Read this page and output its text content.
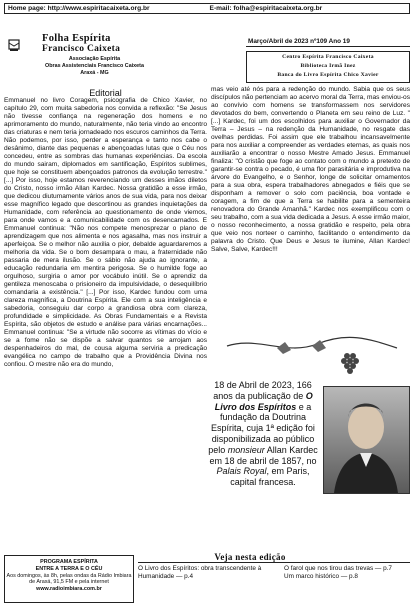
Home page: http://www.espiritacaixeta.org.br	E-mail: folha@espiritacaixeta.org.br
Folha Espírita
Francisco Caixeta
Associação Espírita
Obras Assistenciais Francisco Caixeta
Araxá - MG
Março/Abril de 2023 nº109 Ano 19
Centro Espírita Francisco Caixeta
Biblioteca Irmã Inez
Banca do Livro Espírita Chico Xavier
Editorial
Emmanuel no livro Coragem, psicografia de Chico Xavier, no capítulo 29, com muita sabedoria nos convida a reflexão: "Se Jesus não tivesse confiança na regeneração dos homens e no aprimoramento do mundo, naturalmente, não teria vindo ao encontro das criaturas e nem teria jornadeado nos escuros caminhos da Terra. Não podemos, por isso, perder a esperança e tanto nos cabe o desânimo, diante das pequenas e abençoadas lutas que o Céu nos concedeu, entre as sombras das humanas experiências. Da escola do mundo sairam, diplomados em santificação, Espíritos sublimes, que hoje se constituem abençoados patronos da evolução terrestre." [...] Por isso, hoje estamos reverenciando um desses imãos diletos do Cristo, nosso irmão Allan Kardec. Nossa gratidão a esse irmão, que dedicou diutumamente vários anos de sua vida, para nos deixar esse magnífico legado que descortinou as grandes inquietações da Humanidade, com referência ao questionamento de onde viemos, para onde vamos e a comunicabilidade com os desencarnados. E Emmanuel continua: "Não nos compete menosprezar o plano de aprendizagem que nos alimenta e nos agasalha, mas nos instruir a aperfeiçoa. Se o melhor não auxilia o pior, debalde aguardaremos a melhoria da vida. Se o bom desampara o mau, a fraternidade não passaria de mera ilusão. Se o sábio não ajuda ao ignorante, a educação redundaria em mentira perigosa. Se o humilde foge ao orgulhoso, surgiria o amor por vocábulo inútil. Se o aprendiz da gentileza menoscaba o prisioneiro da impulsividade, o desequilíbrio comandaria a existência." [...] Por isso, Kardec fundou com uma clareza magnífica, a Doutrina Espírita. Ele com a sua inteligência e sabedoria, conseguiu dar corpo a grandiosa obra com clareza, profundidade e simplicidade. As Obras Fundamentais e a Revista Espírita, são objetos de estudo e análise para várias encarnações... Emmanuel continua: "Se a virtude não socorre as vítimas do vício e se a fome não se dispõe a salvar quantos se arrojam aos despenhadeiros do mal, de cousa alguma serviria a predicação evangélica no campo de trabalho que a Providência Divina nos confiou. O mestre não era do mundo,
mas veio até nós para a redenção do mundo. Sabia que os seus discípulos não pertenciam ao acervo moral da Terra, mas enviou-os ao convívio com homens se transformassem nos servidores devotados do bem, convertendo o Planeta em seu reino de Luz. "[...] Kardec, foi um dos escolhidos para auxiliar o Governador da Terra – Jesus – na redenção da Humanidade, no resgate das ovelhas perdidas. Foi assim que ele trabalhou incansavelmente para nos auxiliar a compreender as verdades eternas, as quais nos auxiliarão a encontrar o nosso Mestre Amado Jesus. Emmanuel finaliza: "O cristão que foge ao contato com o mundo a pretexto de garantir-se contra o pecado, é uma flor parasitária e improdutiva na árvore do Evangelho, e o Senhor, longe de solicitar ornamentos para a sua obra, espera trabalhadores abnegados e fiéis que se disponham a remover o solo com paciência, boa vontade e coragem, a fim de que a Terra se habilite para a sementeira renovadora do Grande Amanhã." Kardec nos exemplificou com o seu trabalho, com a sua vida dedicada a Jesus. A esse irmão maior, o nosso reconhecimento, a nossa gratidão e respeito, pela obra que veio nos norteer o caminho, facilitando o entendimento da palavra do Cristo. Que Deus e Jesus te ilumine, Allan Kardec! Salve, Salve, Kardec!!!
18 de Abril de 2023, 166 anos da publicação de O Livro dos Espíritos e a fundação da Doutrina Espírita, cuja 1ª edição foi disponibilizada ao público pelo monsieur Allan Kardec em 18 de abril de 1857, no Palais Royal, em Paris, capital francesa.
PROGRAMA ESPÍRITA
ENTRE A TERRA E O CÉU
Aos domingos, às 8h, pelas ondas da Rádio Imbiara de Araxá, 91,5 FM e pela internet
www.radioimbiara.com.br
Veja nesta edição
O Livro dos Espíritos: obra transcendente à Humanidade — p.4
O farol que nos tirou das trevas — p.7
Um marco histórico — p.8
